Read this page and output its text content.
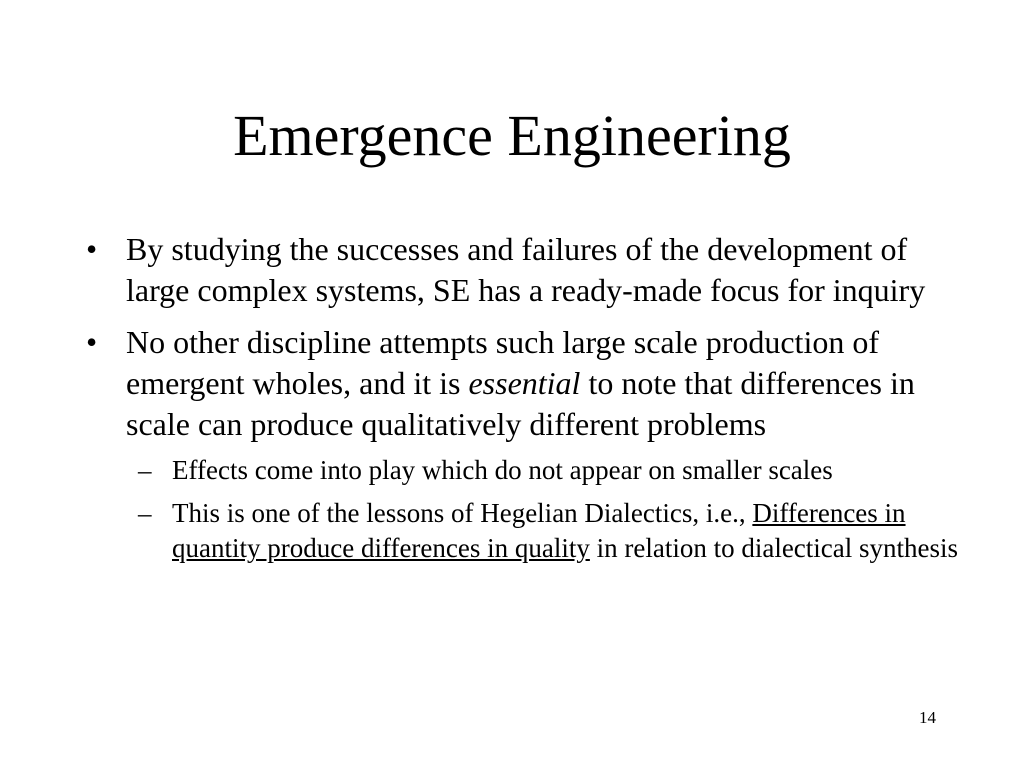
Emergence Engineering
• By studying the successes and failures of the development of large complex systems, SE has a ready-made focus for inquiry
• No other discipline attempts such large scale production of emergent wholes, and it is essential to note that differences in scale can produce qualitatively different problems
– Effects come into play which do not appear on smaller scales
– This is one of the lessons of Hegelian Dialectics, i.e., Differences in quantity produce differences in quality in relation to dialectical synthesis
14
